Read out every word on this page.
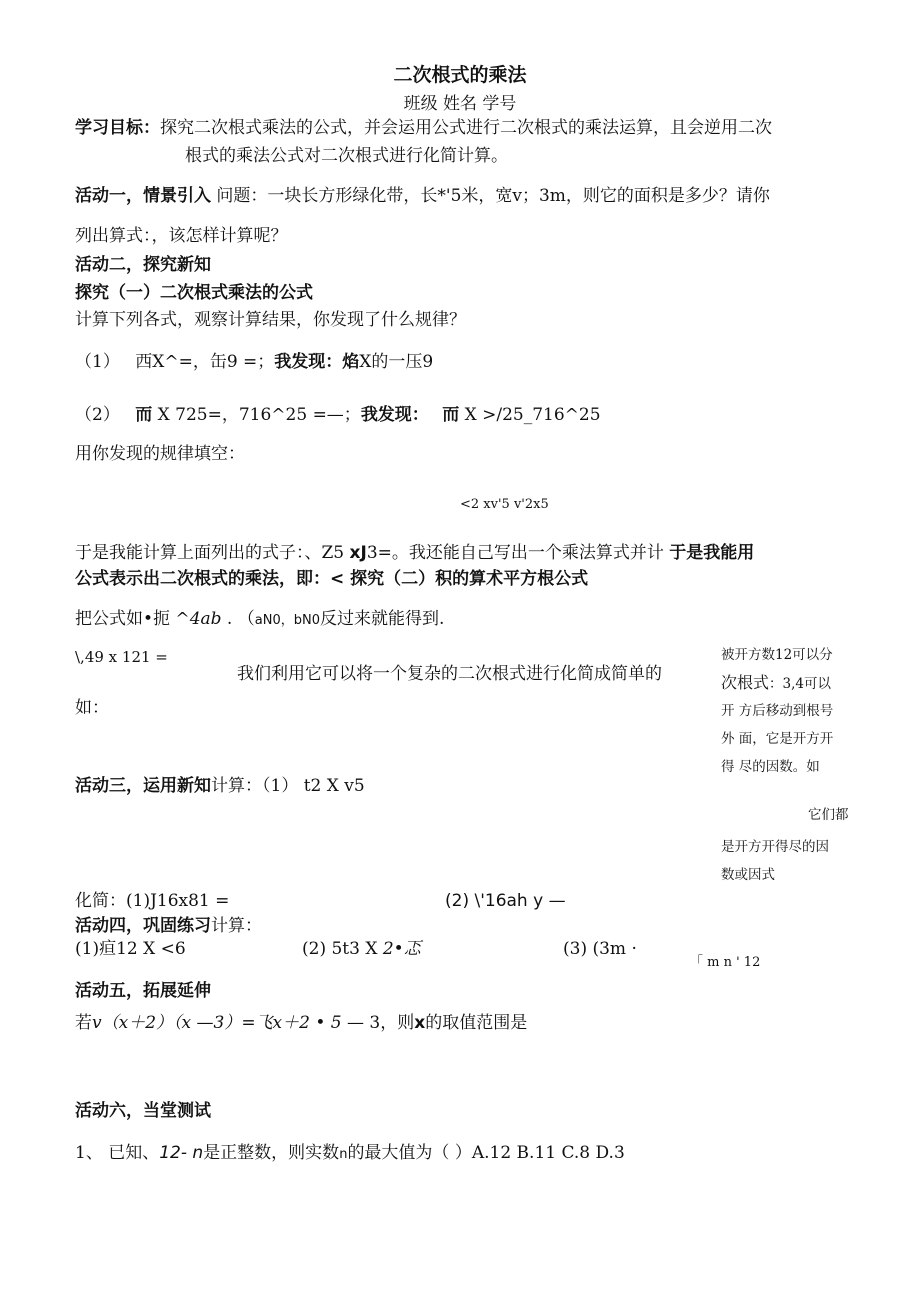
二次根式的乘法
班级 姓名 学号
学习目标：探究二次根式乘法的公式，并会运用公式进行二次根式的乘法运算，且会逆用二次
根式的乘法公式对二次根式进行化简计算。
活动一，情景引入 问题：一块长方形绿化带，长*'5米，宽v；3m，则它的面积是多少？请你
列出算式：，该怎样计算呢？
活动二，探究新知
探究（一）二次根式乘法的公式
计算下列各式，观察计算结果，你发现了什么规律？
（1） 西X^=，缶9 =；我发现：焰X的一压9
（2） 而 X 725=，716^25 =—；我发现： 而 X >/25_716^25
用你发现的规律填空：
<2 xv'5 v'2x5
于是我能计算上面列出的式子：、Z5 xJ3=。我还能自己写出一个乘法算式并计 于是我能用
公式表示出二次根式的乘法，即：< 探究（二）积的算术平方根公式
把公式如•扼 ^4ab . （aN0，bN0反过来就能得到.
\,49 x 121 =
我们利用它可以将一个复杂的二次根式进行化简成简单的
如：
被开方数12可以分
次根式：3,4可以
开 方后移动到根号
外 面，它是开方开
得 尽的因数。如
它们都
是开方开得尽的因
数或因式
活动三，运用新知计算：（1） t2 X v5
化简：(1)J16x81 =	(2) \'16ah y —
活动四，巩固练习计算：
(1)疸12 X <6	(2) 5t3 X 2•忑	(3) (3m ·
「 m n ' 12
活动五，拓展延伸
若v（x＋2）（x —3）=飞x＋2 • 5 — 3，则x的取值范围是
活动六，当堂测试
1、 已知、12- n是正整数，则实数n的最大值为（ ）A.12 B.11 C.8 D.3
